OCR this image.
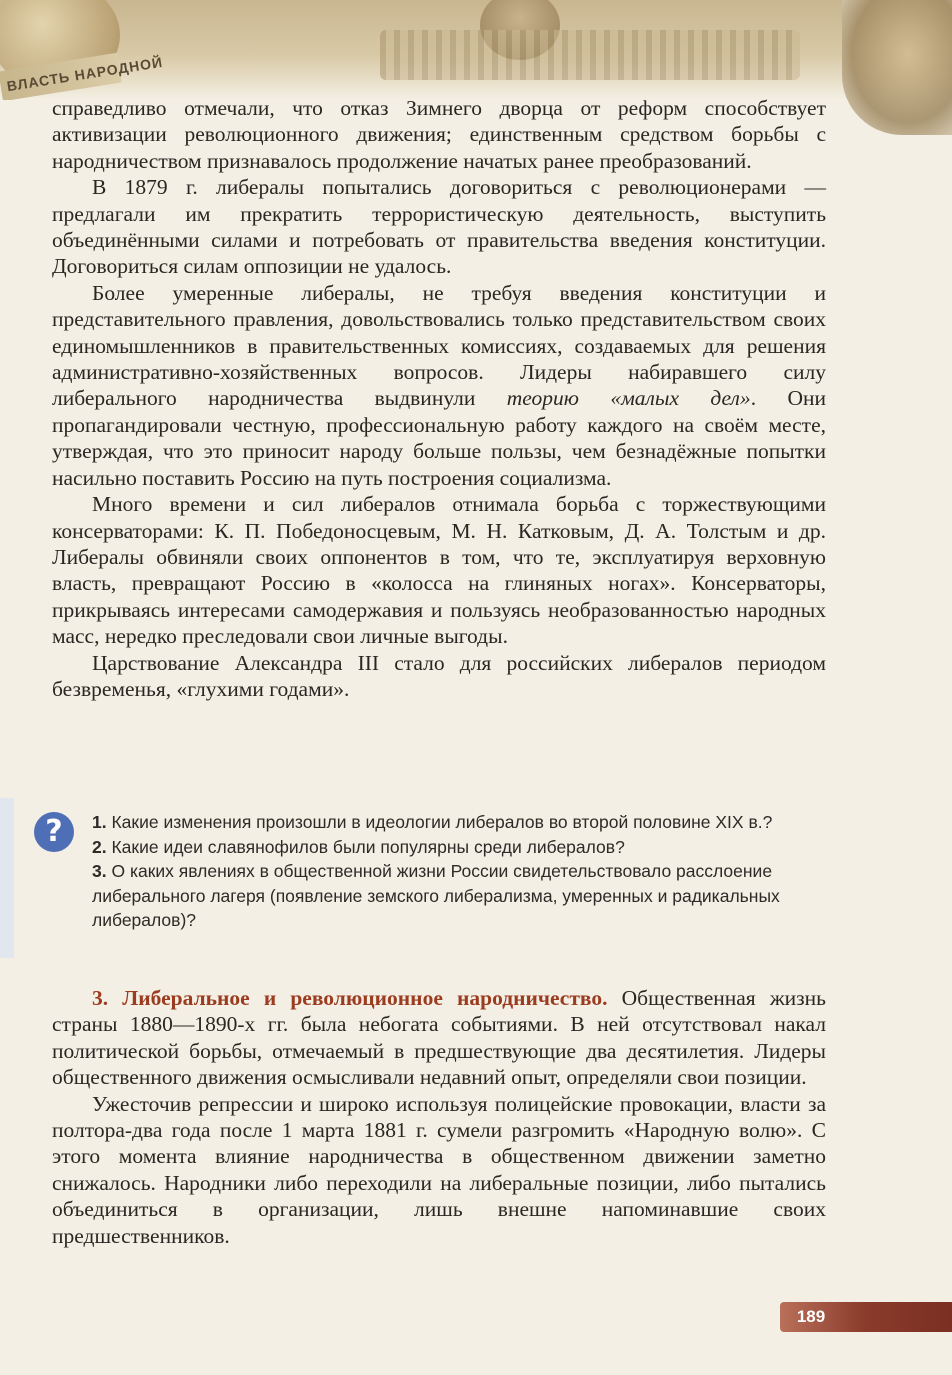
ВЛАСТЬ НАРОДНОЙ

справедливо отмечали, что отказ Зимнего дворца от реформ способствует активизации революционного движения; единственным средством борьбы с народничеством признавалось продолжение начатых ранее преобразований.

В 1879 г. либералы попытались договориться с революционерами — предлагали им прекратить террористическую деятельность, выступить объединёнными силами и потребовать от правительства введения конституции. Договориться силам оппозиции не удалось.

Более умеренные либералы, не требуя введения конституции и представительного правления, довольствовались только представительством своих единомышленников в правительственных комиссиях, создаваемых для решения административно-хозяйственных вопросов. Лидеры набиравшего силу либерального народничества выдвинули теорию «малых дел». Они пропагандировали честную, профессиональную работу каждого на своём месте, утверждая, что это приносит народу больше пользы, чем безнадёжные попытки насильно поставить Россию на путь построения социализма.

Много времени и сил либералов отнимала борьба с торжествующими консерваторами: К. П. Победоносцевым, М. Н. Катковым, Д. А. Толстым и др. Либералы обвиняли своих оппонентов в том, что те, эксплуатируя верховную власть, превращают Россию в «колосса на глиняных ногах». Консерваторы, прикрываясь интересами самодержавия и пользуясь необразованностью народных масс, нередко преследовали свои личные выгоды.

Царствование Александра III стало для российских либералов периодом безвременья, «глухими годами».

?	1. Какие изменения произошли в идеологии либералов во второй половине XIX в.?

2. Какие идеи славянофилов были популярны среди либералов?

3. О каких явлениях в общественной жизни России свидетельствовало расслоение либерального лагеря (появление земского либерализма, умеренных и радикальных либералов)?

3. Либеральное и революционное народничество. Общественная жизнь страны 1880—1890-х гг. была небогата событиями. В ней отсутствовал накал политической борьбы, отмечаемый в предшествующие два десятилетия. Лидеры общественного движения осмысливали недавний опыт, определяли свои позиции.

Ужесточив репрессии и широко используя полицейские провокации, власти за полтора-два года после 1 марта 1881 г. сумели разгромить «Народную волю». С этого момента влияние народничества в общественном движении заметно снижалось. Народники либо переходили на либеральные позиции, либо пытались объединиться в организации, лишь внешне напоминавшие своих предшественников.

189
